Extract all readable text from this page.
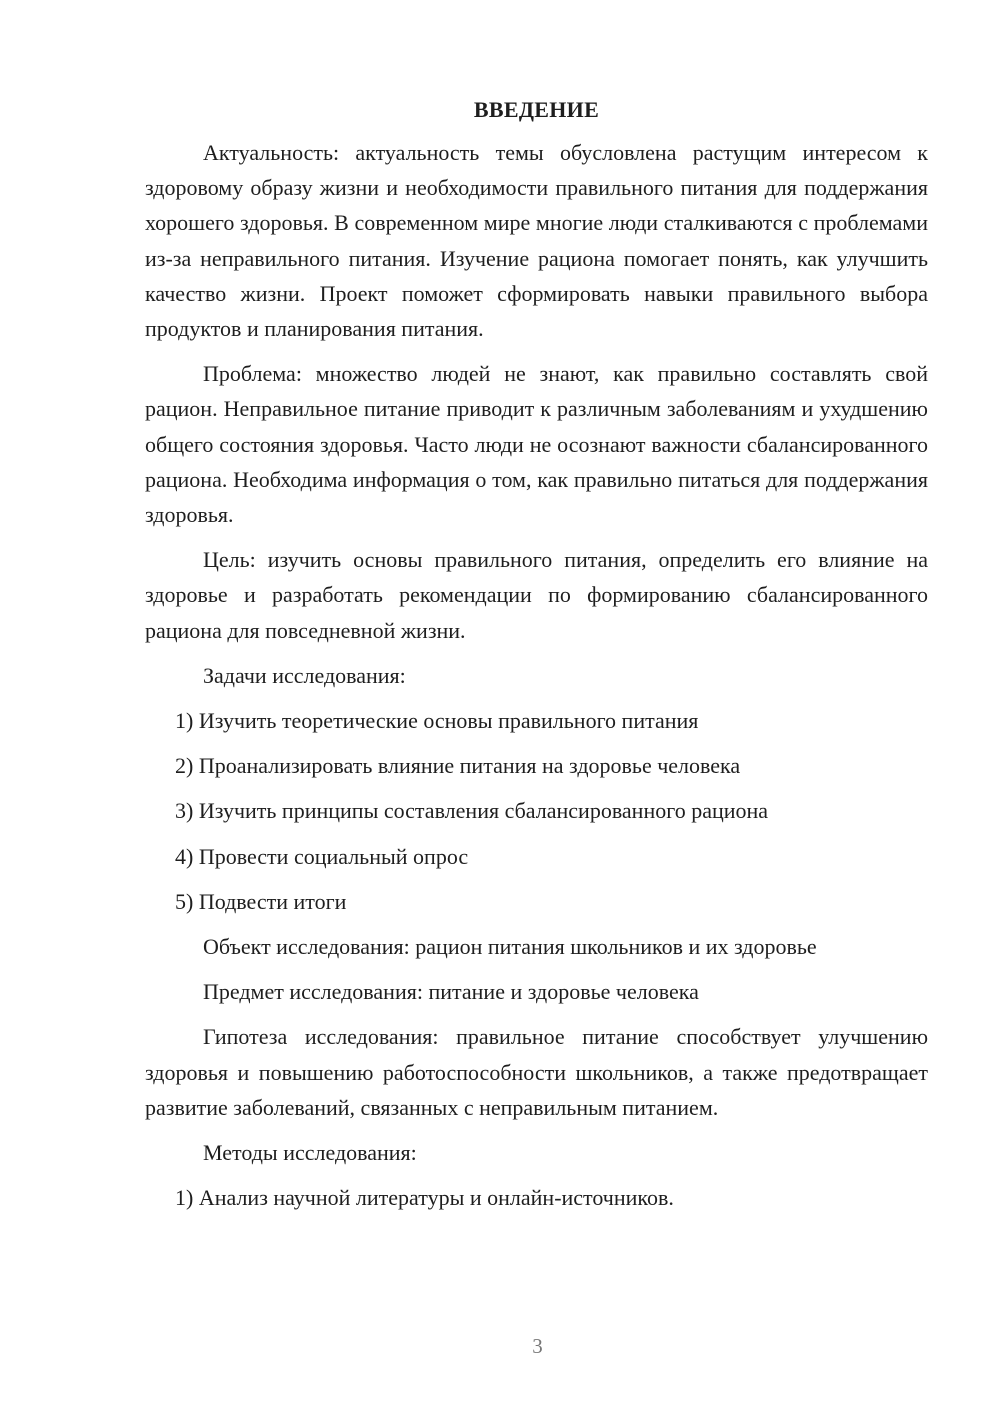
ВВЕДЕНИЕ

Актуальность: актуальность темы обусловлена растущим интересом к здоровому образу жизни и необходимости правильного питания для поддержания хорошего здоровья. В современном мире многие люди сталкиваются с проблемами из-за неправильного питания. Изучение рациона помогает понять, как улучшить качество жизни. Проект поможет сформировать навыки правильного выбора продуктов и планирования питания.

Проблема: множество людей не знают, как правильно составлять свой рацион. Неправильное питание приводит к различным заболеваниям и ухудшению общего состояния здоровья. Часто люди не осознают важности сбалансированного рациона. Необходима информация о том, как правильно питаться для поддержания здоровья.

Цель: изучить основы правильного питания, определить его влияние на здоровье и разработать рекомендации по формированию сбалансированного рациона для повседневной жизни.

Задачи исследования:
1) Изучить теоретические основы правильного питания
2) Проанализировать влияние питания на здоровье человека
3) Изучить принципы составления сбалансированного рациона
4) Провести социальный опрос
5) Подвести итоги
Объект исследования: рацион питания школьников и их здоровье
Предмет исследования: питание и здоровье человека

Гипотеза исследования: правильное питание способствует улучшению здоровья и повышению работоспособности школьников, а также предотвращает развитие заболеваний, связанных с неправильным питанием.

Методы исследования:
1) Анализ научной литературы и онлайн-источников.
3
